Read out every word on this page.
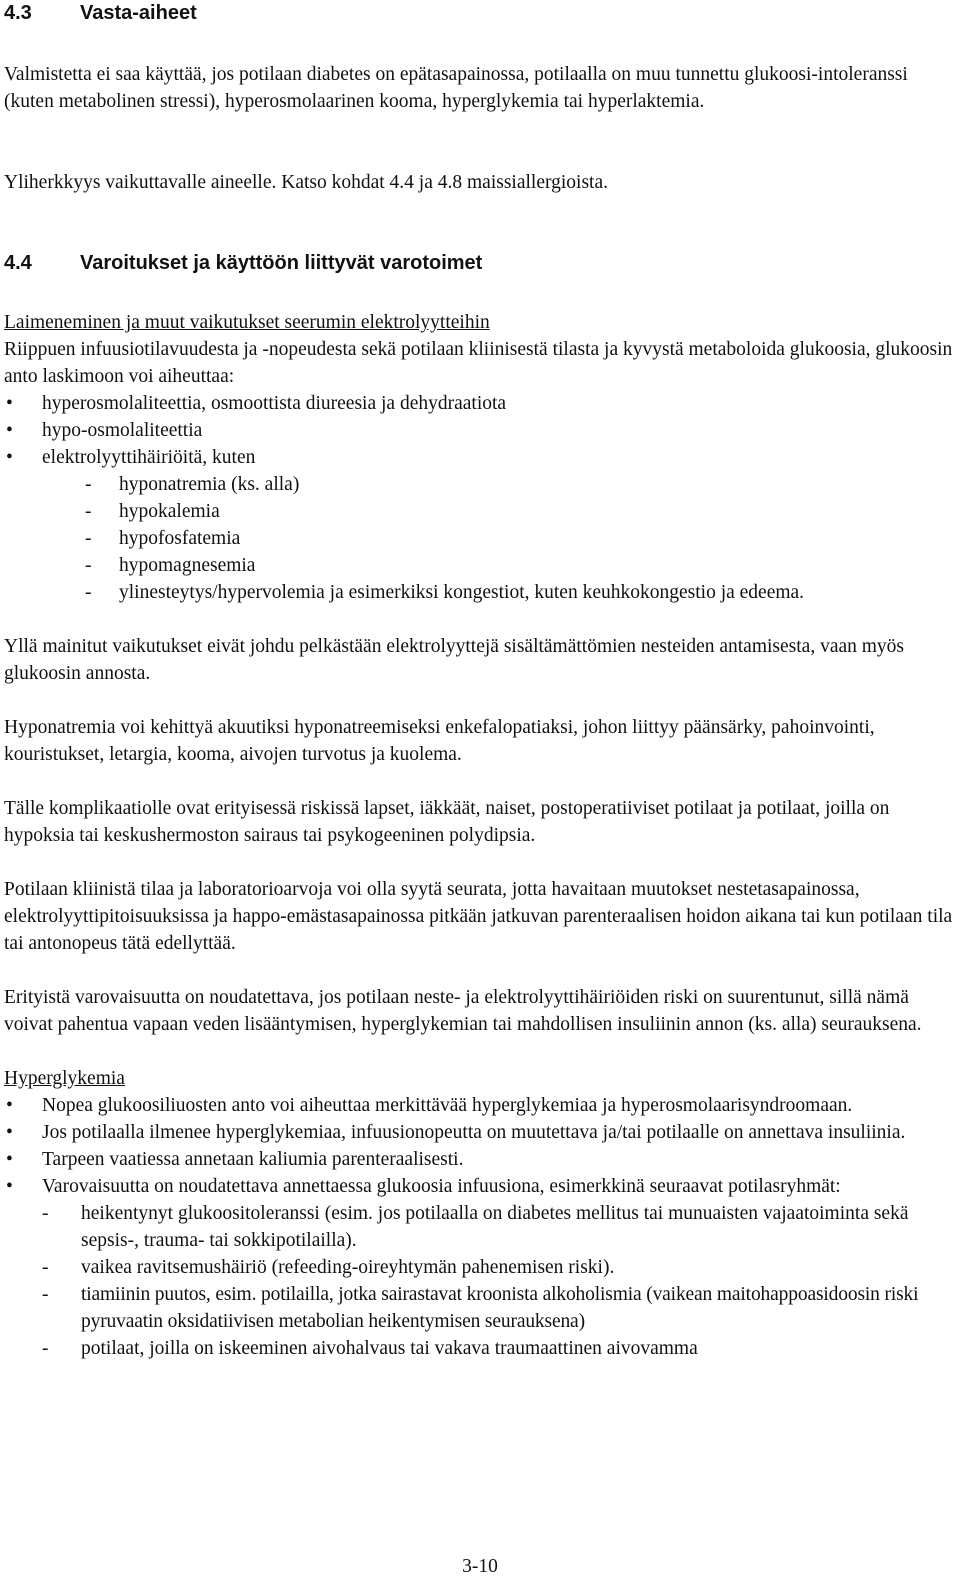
4.3	Vasta-aiheet

Valmistetta ei saa käyttää, jos potilaan diabetes on epätasapainossa, potilaalla on muu tunnettu glukoosi-intoleranssi (kuten metabolinen stressi), hyperosmolaarinen kooma, hyperglykemia tai hyperlaktemia.

Yliherkkyys vaikuttavalle aineelle. Katso kohdat 4.4 ja 4.8 maissiallergioista.

4.4	Varoitukset ja käyttöön liittyvät varotoimet

Laimeneminen ja muut vaikutukset seerumin elektrolyytteihin

Riippuen infuusiotilavuudesta ja -nopeudesta sekä potilaan kliinisestä tilasta ja kyvystä metaboloida glukoosia, glukoosin anto laskimoon voi aiheuttaa:

• hyperosmolaliteettia, osmoottista diureesia ja dehydraatiota

• hypo-osmolaliteettia

• elektrolyyttihäiriöitä, kuten

- hyponatremia (ks. alla)

- hypokalemia

- hypofosfatemia

- hypomagnesemia

- ylinesteytys/hypervolemia ja esimerkiksi kongestiot, kuten keuhkokongestio ja edeema.

Yllä mainitut vaikutukset eivät johdu pelkästään elektrolyyttejä sisältämättömien nesteiden antamisesta, vaan myös glukoosin annosta.

Hyponatremia voi kehittyä akuutiksi hyponatreemiseksi enkefalopatiaksi, johon liittyy päänsärky, pahoinvointi, kouristukset, letargia, kooma, aivojen turvotus ja kuolema.

Tälle komplikaatiolle ovat erityisessä riskissä lapset, iäkkäät, naiset, postoperatiiviset potilaat ja potilaat, joilla on hypoksia tai keskushermoston sairaus tai psykogeeninen polydipsia.

Potilaan kliinistä tilaa ja laboratorioarvoja voi olla syytä seurata, jotta havaitaan muutokset nestetasapainossa, elektrolyyttipitoisuuksissa ja happo-emästasapainossa pitkään jatkuvan parenteraalisen hoidon aikana tai kun potilaan tila tai antonopeus tätä edellyttää.

Erityistä varovaisuutta on noudatettava, jos potilaan neste- ja elektrolyyttihäiriöiden riski on suurentunut, sillä nämä voivat pahentua vapaan veden lisääntymisen, hyperglykemian tai mahdollisen insuliinin annon (ks. alla) seurauksena.

Hyperglykemia

• Nopea glukoosiliuosten anto voi aiheuttaa merkittävää hyperglykemiaa ja hyperosmolaarisyndroomaan.

• Jos potilaalla ilmenee hyperglykemiaa, infuusionopeutta on muutettava ja/tai potilaalle on annettava insuliinia.

• Tarpeen vaatiessa annetaan kaliumia parenteraalisesti.

• Varovaisuutta on noudatettava annettaessa glukoosia infuusiona, esimerkkinä seuraavat potilasryhmät:

- heikentynyt glukoositoleranssi (esim. jos potilaalla on diabetes mellitus tai munuaisten vajaatoiminta sekä sepsis-, trauma- tai sokkipotilailla).

- vaikea ravitsemushäiriö (refeeding-oireyhtymän pahenemisen riski).

- tiamiinin puutos, esim. potilailla, jotka sairastavat kroonista alkoholismia (vaikean maitohappoasidoosin riski pyruvaatin oksidatiivisen metabolian heikentymisen seurauksena)

- potilaat, joilla on iskeeminen aivohalvaus tai vakava traumaattinen aivovamma

3-10
